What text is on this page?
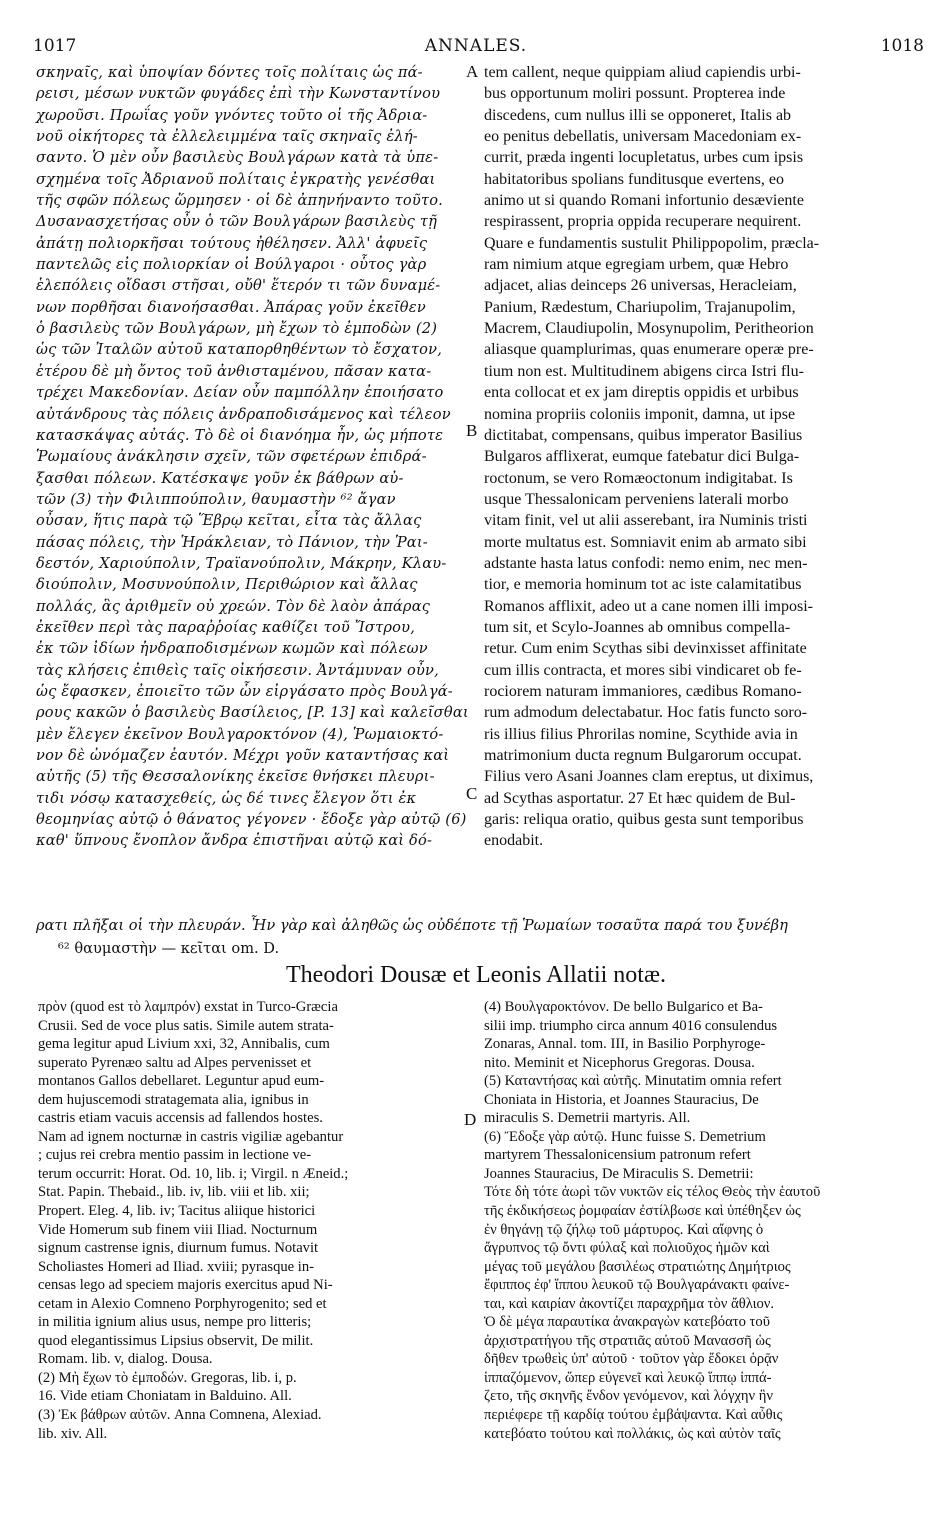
1017	ANNALES.	1018
σκηναῖς, καὶ ὑποψίαν δόντες τοῖς πολίταις ὡς πά-
ρεισι, μέσων νυκτῶν φυγάδες ἐπὶ τὴν Κωνσταντίνου
χωροῦσι. Πρωΐας γοῦν γνόντες τοῦτο οἱ τῆς Ἀδρια-
νοῦ οἰκήτορες τὰ ἐλλελειμμένα ταῖς σκηναῖς ἐλή-
σαντο. Ὁ μὲν οὖν βασιλεὺς Βουλγάρων κατὰ τὰ ὑπε-
σχημένα τοῖς Ἀδριανοῦ πολίταις ἐγκρατὴς γενέσθαι
τῆς σφῶν πόλεως ὥρμησεν · οἱ δὲ ἀπηνήναντο τοῦτο.
Δυσανασχετήσας οὖν ὁ τῶν Βουλγάρων βασιλεὺς τῇ
ἀπάτῃ πολιορκῆσαι τούτους ἠθέλησεν. Ἀλλ' ἀφυεῖς
παντελῶς εἰς πολιορκίαν οἱ Βούλγαροι · οὗτος γὰρ
ἑλεπόλεις οἴδασι στῆσαι, οὔθ' ἕτερόν τι τῶν δυναμέ-
νων πορθῆσαι διανοήσασθαι. Ἀπάρας γοῦν ἐκεῖθεν
ὁ βασιλεὺς τῶν Βουλγάρων, μὴ ἔχων τὸ ἐμποδὼν (2)
ὡς τῶν Ἰταλῶν αὐτοῦ καταπορθηθέντων τὸ ἔσχατον,
ἑτέρου δὲ μὴ ὄντος τοῦ ἀνθισταμένου, πᾶσαν κατα-
τρέχει Μακεδονίαν. Δείαν οὖν παμπόλλην ἐποιήσατο
αὐτάνδρους τὰς πόλεις ἀνδραποδισάμενος καὶ τέλεον
κατασκάψας αὐτάς. Τὸ δὲ οἱ διανόημα ἦν, ὡς μήποτε
Ῥωμαίους ἀνάκλησιν σχεῖν, τῶν σφετέρων ἐπιδρά-
ξασθαι πόλεων. Κατέσκαψε γοῦν ἐκ βάθρων αὐ-
τῶν (3) τὴν Φιλιππούπολιν, θαυμαστὴν ⁶² ἄγαν
οὖσαν, ἥτις παρὰ τῷ Ἕβρῳ κεῖται, εἶτα τὰς ἄλλας
πάσας πόλεις, τὴν Ἡράκλειαν, τὸ Πάνιον, τὴν Ῥαι-
δεστόν, Χαριούπολιν, Τραϊανούπολιν, Μάκρην, Κλαυ-
διούπολιν, Μοσυνούπολιν, Περιθώριον καὶ ἄλλας
πολλάς, ἃς ἀριθμεῖν οὐ χρεών. Τὸν δὲ λαὸν ἀπάρας
ἐκεῖθεν περὶ τὰς παραῤῥοίας καθίζει τοῦ Ἴστρου,
ἐκ τῶν ἰδίων ἠνδραποδισμένων κωμῶν καὶ πόλεων
τὰς κλήσεις ἐπιθεὶς ταῖς οἰκήσεσιν. Ἀντάμυναν οὖν,
ὡς ἔφασκεν, ἐποιεῖτο τῶν ὧν εἰργάσατο πρὸς Βουλγά-
ρους κακῶν ὁ βασιλεὺς Βασίλειος, [P. 13] καὶ καλεῖσθαι
μὲν ἔλεγεν ἐκεῖνον Βουλγαροκτόνον (4), Ῥωμαιοκτό-
νον δὲ ὠνόμαζεν ἑαυτόν. Μέχρι γοῦν καταντήσας καὶ
αὐτῆς (5) τῆς Θεσσαλονίκης ἐκεῖσε θνήσκει πλευρι-
τιδι νόσῳ κατασχεθείς, ὡς δέ τινες ἔλεγον ὅτι ἐκ
θεομηνίας αὐτῷ ὁ θάνατος γέγονεν · ἔδοξε γὰρ αὐτῷ (6)
καθ' ὕπνους ἔνοπλον ἄνδρα ἐπιστῆναι αὐτῷ καὶ δό-
tem callent, neque quippiam aliud capiendis urbi-
bus opportunum moliri possunt. Propterea inde
discedens, cum nullus illi se opponeret, Italis ab
eo penitus debellatis, universam Macedoniam ex-
currit, præda ingenti locupletatus, urbes cum ipsis
habitatoribus spolians funditusque evertens, eo
animo ut si quando Romani infortunio desæviente
respirassent, propria oppida recuperare nequirent.
Quare e fundamentis sustulit Philippopolim, præcla-
ram nimium atque egregiam urbem, quæ Hebro
adjacet, alias deinceps 26 universas, Heracleiam,
Panium, Rædestum, Chariupolim, Trajanupolim,
Macrem, Claudiupolin, Mosynupolim, Peritheorion
aliasque quamplurimas, quas enumerare operæ pre-
tium non est. Multitudinem abigens circa Istri flu-
enta collocat et ex jam direptis oppidis et urbibus
nomina propriis coloniis imponit, damna, ut ipse
dictitabat, compensans, quibus imperator Basilius
Bulgaros afflixerat, eumque fatebatur dici Bulga-
roctonum, se vero Romæoctonum indigitabat. Is
usque Thessalonicam perveniens laterali morbo
vitam finit, vel ut alii asserebant, ira Numinis tristi
morte multatus est. Somniavit enim ab armato sibi
adstante hasta latus confodi: nemo enim, nec men-
tior, e memoria hominum tot ac iste calamitatibus
Romanos afflixit, adeo ut a cane nomen illi imposi-
tum sit, et Scylo-Joannes ab omnibus compella-
retur. Cum enim Scythas sibi devinxisset affinitate
cum illis contracta, et mores sibi vindicaret ob fe-
rociorem naturam immaniores, cædibus Romano-
rum admodum delectabatur. Hoc fatis functo soro-
ris illius filius Phrorilas nomine, Scythide avia in
matrimonium ducta regnum Bulgarorum occupat.
Filius vero Asani Joannes clam ereptus, ut diximus,
ad Scythas asportatur. 27 Et hæc quidem de Bul-
garis: reliqua oratio, quibus gesta sunt temporibus
enodabit.
A
B
C
D
ρατι πλῆξαι οἱ τὴν πλευράν. Ἦν γὰρ καὶ ἀληθῶς ὡς οὐδέποτε τῇ Ῥωμαίων τοσαῦτα παρά του ξυνέβη
⁶² θαυμαστὴν — κεῖται om. D.
Theodori Dousæ et Leonis Allatii notæ.
πρὸν (quod est τὸ λαμπρόν) exstat in Turco-Græcia
Crusii. Sed de voce plus satis. Simile autem strata-
gema legitur apud Livium xxi, 32, Annibalis, cum
superato Pyrenæo saltu ad Alpes pervenisset et
montanos Gallos debellaret. Leguntur apud eum-
dem hujuscemodi stratagemata alia, ignibus in
castris etiam vacuis accensis ad fallendos hostes.
Nam ad ignem nocturnæ in castris vigiliæ agebantur
; cujus rei crebra mentio passim in lectione ve-
terum occurrit: Horat. Od. 10, lib. i; Virgil. n Æneid.;
Stat. Papin. Thebaid., lib. iv, lib. viii et lib. xii;
Propert. Eleg. 4, lib. iv; Tacitus aliique historici
Vide Homerum sub finem viii Iliad. Nocturnum
signum castrense ignis, diurnum fumus. Notavit
Scholiastes Homeri ad Iliad. xviii; pyrasque in-
censas lego ad speciem majoris exercitus apud Ni-
cetam in Alexio Comneno Porphyrogenito; sed et
in militia ignium alius usus, nempe pro litteris;
quod elegantissimus Lipsius observit, De milit.
Romam. lib. v, dialog. Dousa.
(2) Μὴ ἔχων τὸ ἐμποδών. Gregoras, lib. i, p.
16. Vide etiam Choniatam in Balduino. All.
(3) Ἐκ βάθρων αὐτῶν. Anna Comnena, Alexiad.
lib. xiv. All.
(4) Βουλγαροκτόνον. De bello Bulgarico et Ba-
silii imp. triumpho circa annum 4016 consulendus
Zonaras, Annal. tom. III, in Basilio Porphyroge-
nito. Meminit et Nicephorus Gregoras. Dousa.
(5) Καταντήσας καὶ αὐτῆς. Minutatim omnia refert
Choniata in Historia, et Joannes Stauracius, De
miraculis S. Demetrii martyris. All.
(6) Ἔδοξε γὰρ αὐτῷ. Hunc fuisse S. Demetrium
martyrem Thessalonicensium patronum refert
Joannes Stauracius, De Miraculis S. Demetrii:
Τότε δὴ τότε ἀωρὶ τῶν νυκτῶν εἰς τέλος Θεὸς τὴν ἑαυτοῦ
τῆς ἐκδικήσεως ῥομφαίαν ἐστίλβωσε καὶ ὑπέθηξεν ὡς
ἐν θηγάνῃ τῷ ζήλῳ τοῦ μάρτυρος. Καὶ αἴφνης ὁ
ἄγρυπνος τῷ ὄντι φύλαξ καὶ πολιοῦχος ἡμῶν καὶ
μέγας τοῦ μεγάλου βασιλέως στρατιώτης Δημήτριος
ἔφιππος ἐφ' ἵππου λευκοῦ τῷ Βουλγαράνακτι φαίνε-
ται, καὶ καιρίαν ἀκοντίζει παραχρῆμα τὸν ἄθλιον.
Ὁ δὲ μέγα παραυτίκα ἀνακραγὼν κατεβόατο τοῦ
ἀρχιστρατήγου τῆς στρατιᾶς αὐτοῦ Μανασσῆ ὡς
δῆθεν τρωθεὶς ὑπ' αὐτοῦ · τοῦτον γὰρ ἔδοκει ὁρᾷν
ἱππαζόμενον, ὥπερ εὐγενεῖ καὶ λευκῷ ἵππῳ ἱππά-
ζετο, τῆς σκηνῆς ἔνδον γενόμενον, καὶ λόγχην ἣν
περιέφερε τῇ καρδίᾳ τούτου ἐμβάψαντα. Καὶ αὖθις
κατεβόατο τούτου καὶ πολλάκις, ὡς καὶ αὐτὸν ταῖς
